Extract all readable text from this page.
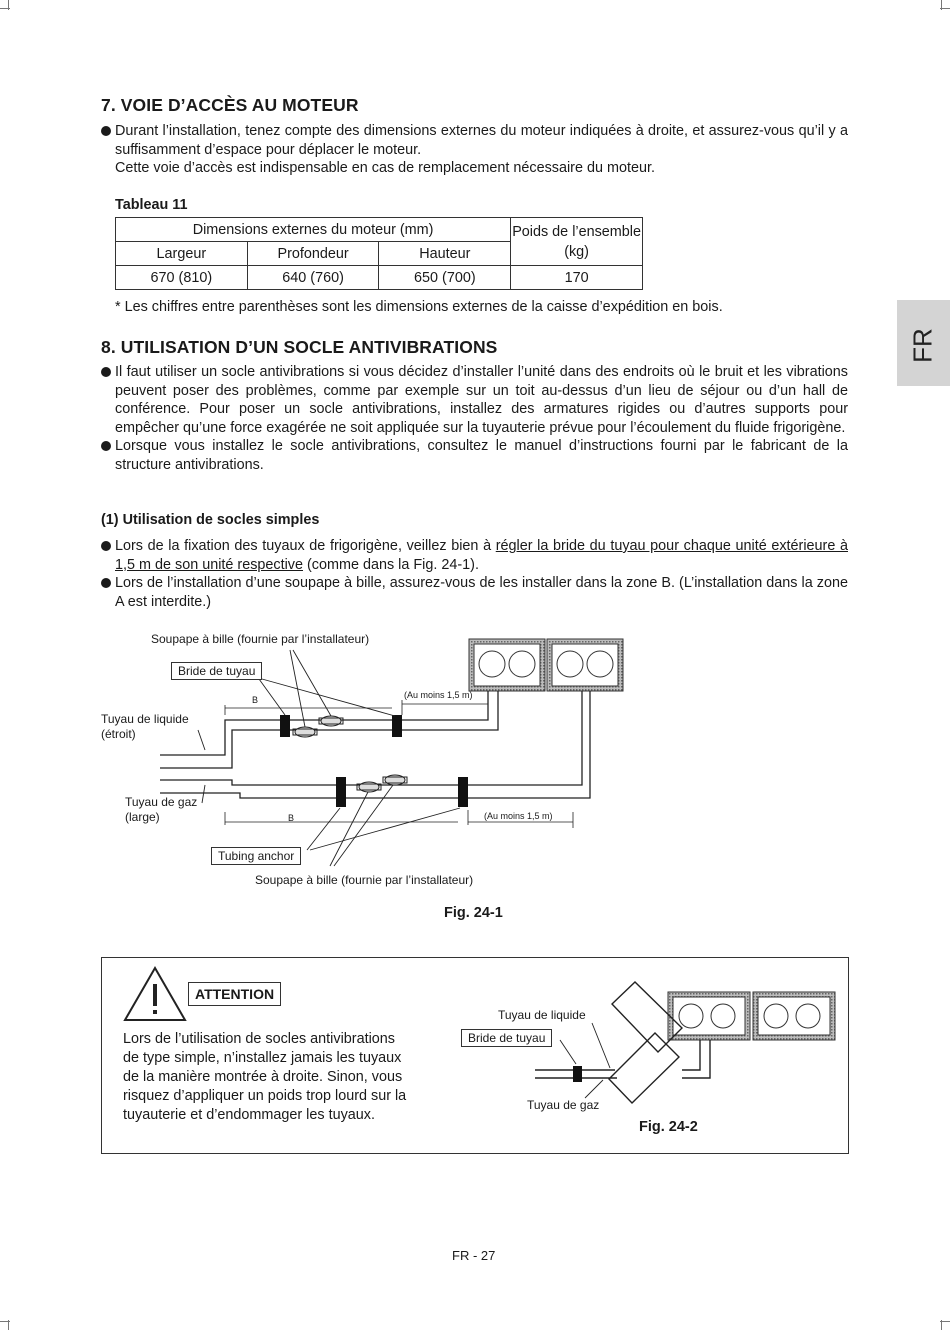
FR
7. VOIE D’ACCÈS AU MOTEUR
Durant l’installation, tenez compte des dimensions externes du moteur indiquées à droite, et assurez-vous qu’il y a suffisamment d’espace pour déplacer le moteur.
Cette voie d’accès est indispensable en cas de remplacement nécessaire du moteur.
Tableau 11
Dimensions externes du moteur (mm)			Poids de l’ensemble (kg)
Largeur	Profondeur	Hauteur	
670 (810)	640 (760)	650 (700)	170
* Les chiffres entre parenthèses sont les dimensions externes de la caisse d’expédition en bois.
8. UTILISATION D’UN SOCLE ANTIVIBRATIONS
Il faut utiliser un socle antivibrations si vous décidez d’installer l’unité dans des endroits où le bruit et les vibrations peuvent poser des problèmes, comme par exemple sur un toit au-dessus d’un lieu de séjour ou d’un hall de conférence. Pour poser un socle antivibrations, installez des armatures rigides ou d’autres supports pour empêcher qu’une force exagérée ne soit appliquée sur la tuyauterie prévue pour l’écoulement du fluide frigorigène.
Lorsque vous installez le socle antivibrations, consultez le manuel d’instructions fourni par le fabricant de la structure antivibrations.
(1) Utilisation de socles simples
Lors de la fixation des tuyaux de frigorigène, veillez bien à régler la bride du tuyau pour chaque unité extérieure à 1,5 m de son unité respective (comme dans la Fig. 24-1).
Lors de l’installation d’une soupape à bille, assurez-vous de les installer dans la zone B. (L’installation dans la zone A est interdite.)
Soupape à bille (fournie par l’installateur)
Bride de tuyau
B	(Au moins 1,5 m)
Tuyau de liquide
(étroit)
Tuyau de gaz
(large)	B	(Au moins 1,5 m)
Tubing anchor
Soupape à bille (fournie par l’installateur)
Fig. 24-1
ATTENTION
Lors de l’utilisation de socles antivibrations de type simple, n’installez jamais les tuyaux de la manière montrée à droite. Sinon, vous risquez d’appliquer un poids trop lourd sur la tuyauterie et d’endommager les tuyaux.
Tuyau de liquide
Bride de tuyau
Tuyau de gaz
Fig. 24-2
FR - 27
